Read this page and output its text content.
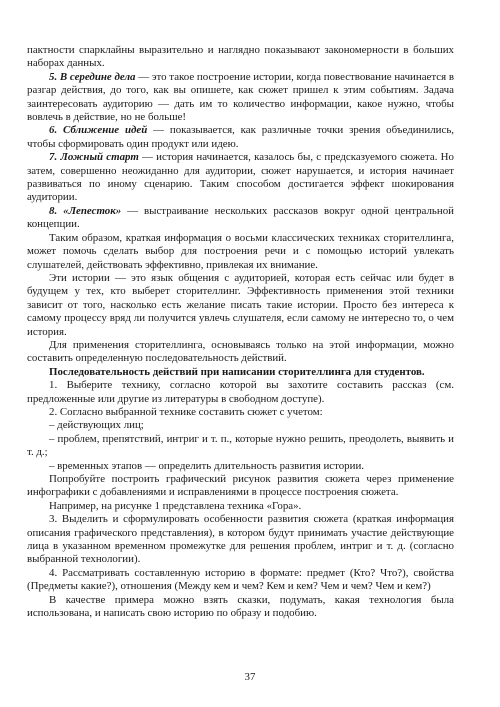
пактности спарклайны выразительно и наглядно показывают закономерности в больших наборах данных.

5. В середине дела — это такое построение истории, когда повествование начинается в разгар действия, до того, как вы опишете, как сюжет пришел к этим событиям. Задача заинтересовать аудиторию — дать им то количество информации, какое нужно, чтобы вовлечь в действие, но не больше!

6. Сближение идей — показывается, как различные точки зрения объединились, чтобы сформировать один продукт или идею.

7. Ложный старт — история начинается, казалось бы, с предсказуемого сюжета. Но затем, совершенно неожиданно для аудитории, сюжет нарушается, и история начинает развиваться по иному сценарию. Таким способом достигается эффект шокирования аудитории.

8. «Лепесток» — выстраивание нескольких рассказов вокруг одной центральной концепции.

Таким образом, краткая информация о восьми классических техниках сторителлинга, может помочь сделать выбор для построения речи и с помощью историй увлекать слушателей, действовать эффективно, привлекая их внимание.

Эти истории — это язык общения с аудиторией, которая есть сейчас или будет в будущем у тех, кто выберет сторителлинг. Эффективность применения этой техники зависит от того, насколько есть желание писать такие истории. Просто без интереса к самому процессу вряд ли получится увлечь слушателя, если самому не интересно то, о чем история.

Для применения сторителлинга, основываясь только на этой информации, можно составить определенную последовательность действий.

Последовательность действий при написании сторителлинга для студентов.

1. Выберите технику, согласно которой вы захотите составить рассказ (см. предложенные или другие из литературы в свободном доступе).

2. Согласно выбранной технике составить сюжет с учетом:

– действующих лиц;

– проблем, препятствий, интриг и т. п., которые нужно решить, преодолеть, выявить и т. д.;

– временных этапов — определить длительность развития истории.

Попробуйте построить графический рисунок развития сюжета через применение инфографики с добавлениями и исправлениями в процессе построения сюжета.

Например, на рисунке 1 представлена техника «Гора».

3. Выделить и сформулировать особенности развития сюжета (краткая информация описания графического представления), в котором будут принимать участие действующие лица в указанном временном промежутке для решения проблем, интриг и т. д. (согласно выбранной технологии).

4. Рассматривать составленную историю в формате: предмет (Кто? Что?), свойства (Предметы какие?), отношения (Между кем и чем? Кем и кем? Чем и чем? Чем и кем?)

В качестве примера можно взять сказки, подумать, какая технология была использована, и написать свою историю по образу и подобию.

37
